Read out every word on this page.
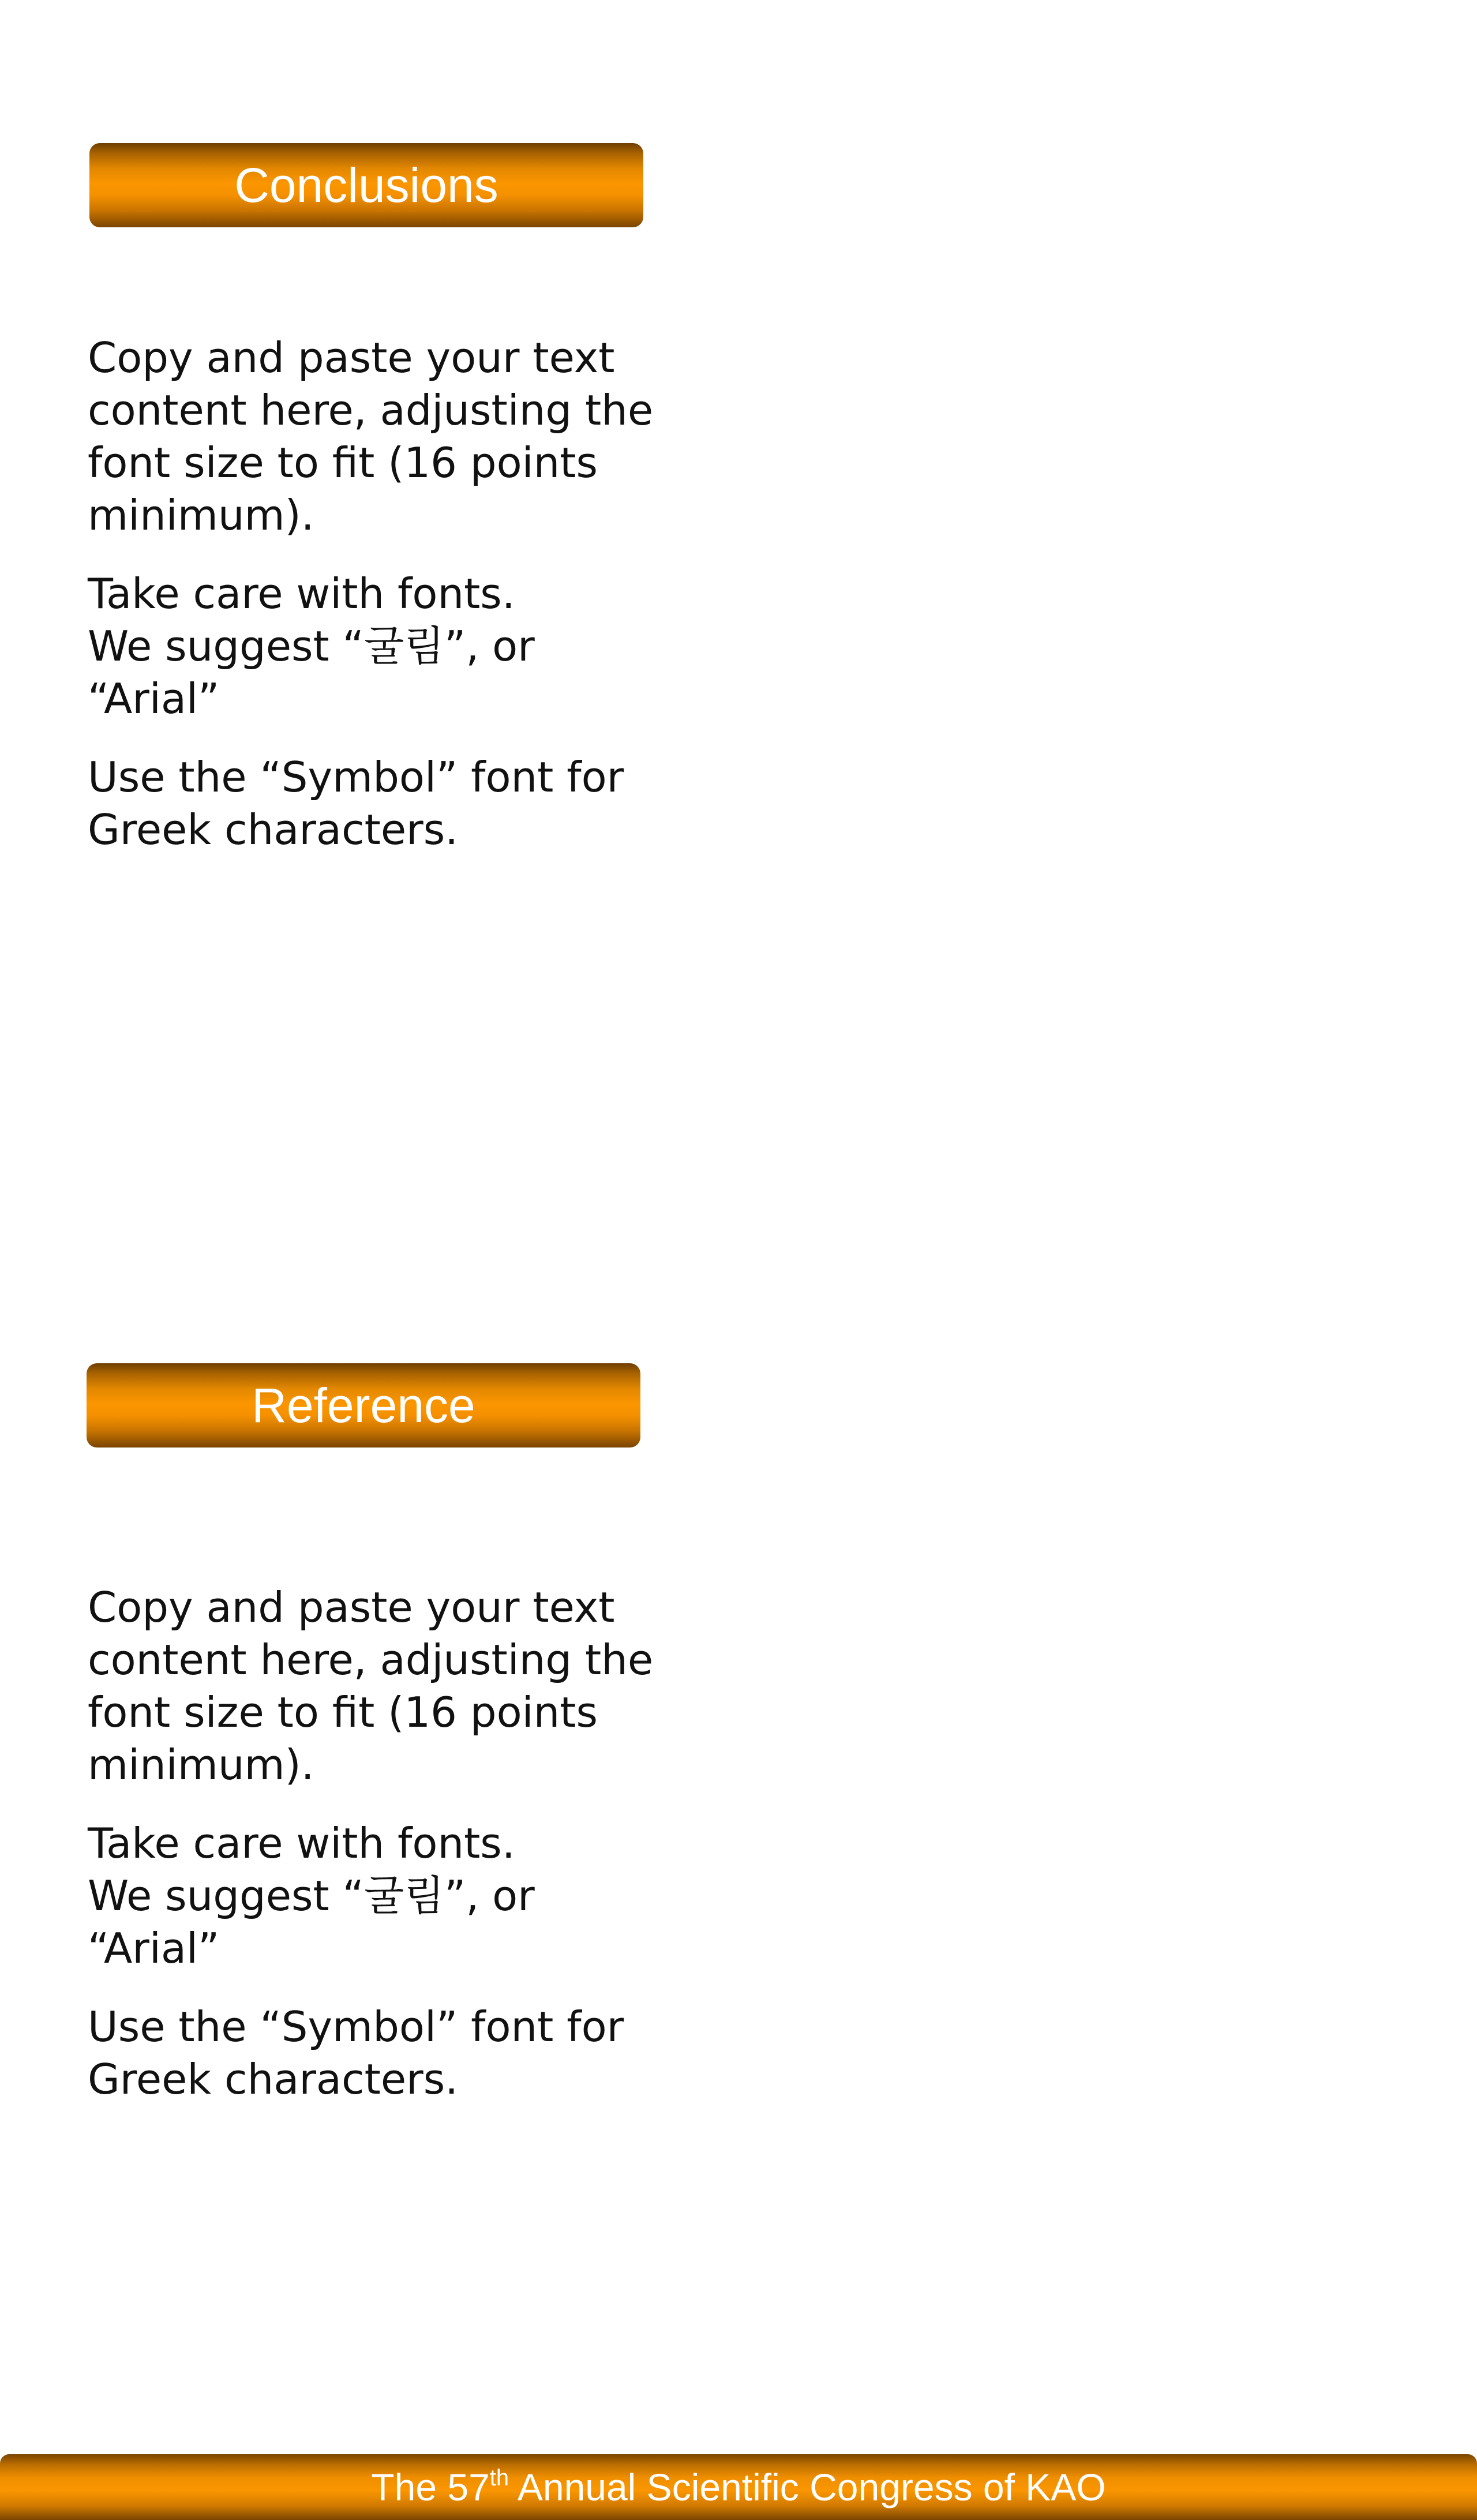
Conclusions

Copy and paste your text
content here, adjusting the
font size to fit (16 points
minimum).

Take care with fonts.
We suggest “굴림”, or
“Arial”

Use the “Symbol” font for
Greek characters.

Reference

Copy and paste your text
content here, adjusting the
font size to fit (16 points
minimum).

Take care with fonts.
We suggest “굴림”, or
“Arial”

Use the “Symbol” font for
Greek characters.

The 57th Annual Scientific Congress of KAO
